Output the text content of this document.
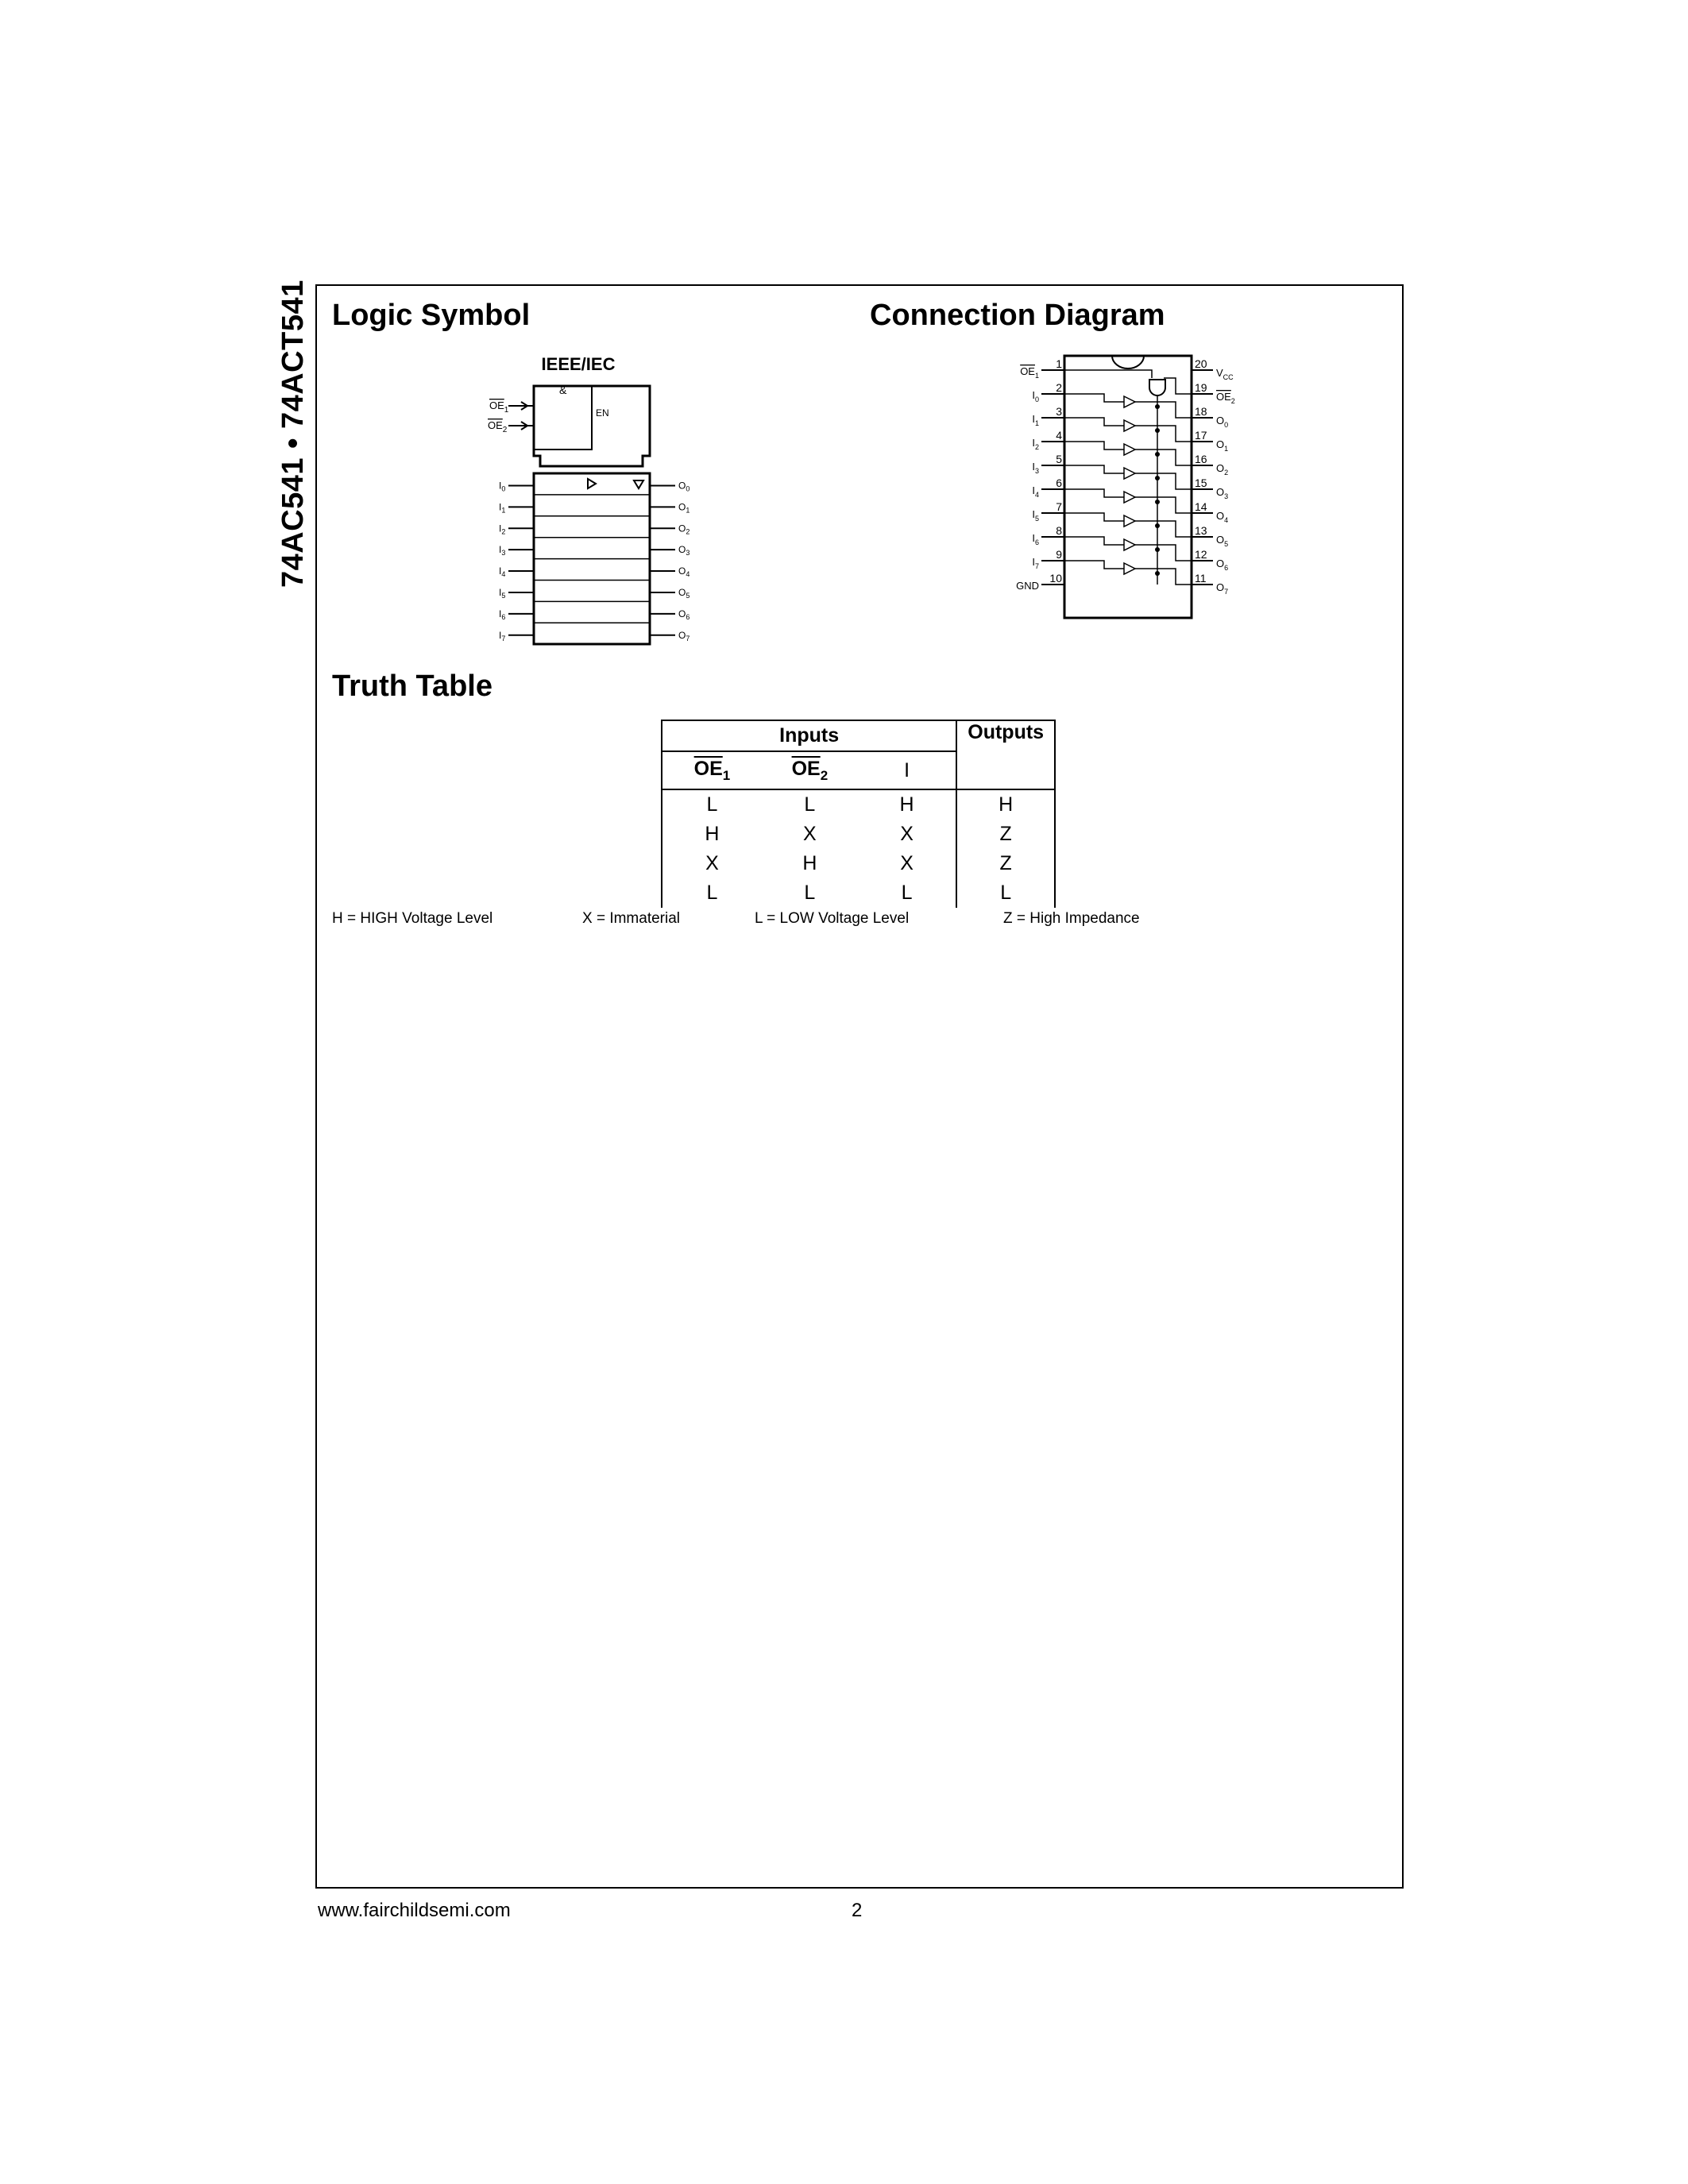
74AC541 • 74ACT541 Logic Symbol	Connection Diagram
Truth Table
IEEE/IEC
&
EN
$OE_1$
$OE_2$
$I_0$	$O_0$
$I_1$	$O_1$
$I_2$	$O_2$
$I_3$	$O_3$
$I_4$	$O_4$
$I_5$	$O_5$
$I_6$	$O_6$
$I_7$	$O_7$
1
$OE_1$
2
$I_0$
3
$I_1$
4
$I_2$
5
$I_3$
6
$I_4$
7
$I_5$
8
$I_6$
9
$I_7$
10
GND
20
$V_{CC}$
19
$OE_2$
18
$O_0$
17
$O_1$
16
$O_2$
15
$O_3$
14
$O_4$
13
$O_5$
12
$O_6$
11
$O_7$
Inputs			Outputs
$\overline{OE}_1$	$\overline{OE}_2$	I	
L	L	H	H
H	X	X	Z
X	H	X	Z
L	L	L	L
H = HIGH Voltage Level	X = Immaterial	L = LOW Voltage Level	Z = High Impedance
www.fairchildsemi.com	2
